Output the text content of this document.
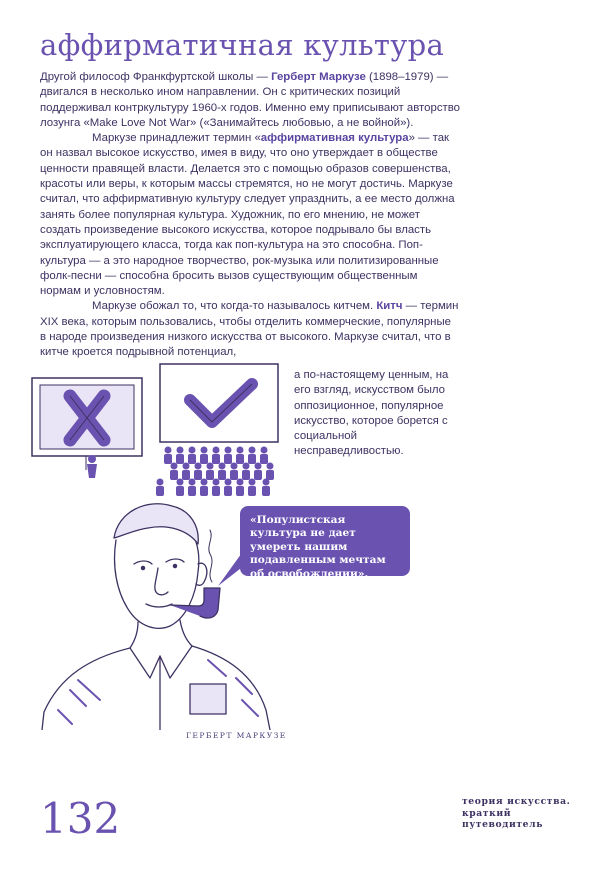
аффирматичная культура

Другой философ Франкфуртской школы — Герберт Маркузе (1898–1979) — двигался в несколько ином направлении. Он с критических позиций поддерживал контркультуру 1960-х годов. Именно ему приписывают авторство лозунга «Make Love Not War» («Занимайтесь любовью, а не войной»).

Маркузе принадлежит термин «аффирмативная культура» — так он назвал высокое искусство, имея в виду, что оно утверждает в обществе ценности правящей власти. Делается это с помощью образов совершенства, красоты или веры, к которым массы стремятся, но не могут достичь. Маркузе считал, что аффирмативную культуру следует упразднить, а ее место должна занять более популярная культура. Художник, по его мнению, не может создать произведение высокого искусства, которое подрывало бы власть эксплуатирующего класса, тогда как поп-культура на это способна. Поп-культура — а это народное творчество, рок-музыка или политизированные фолк-песни — способна бросить вызов существующим общественным нормам и условностям.

Маркузе обожал то, что когда-то называлось китчем. Китч — термин XIX века, которым пользовались, чтобы отделить коммерческие, популярные в народе произведения низкого искусства от высокого. Маркузе считал, что в китче кроется подрывной потенциал,

а по-настоящему ценным, на его взгляд, искусством было оппозиционное, популярное искусство, которое борется с социальной несправедливостью.
«Популистская культура не дает умереть нашим подавленным мечтам об освобождении».
ГЕРБЕРТ МАРКУЗЕ
132	теория искусства. краткий путеводитель
